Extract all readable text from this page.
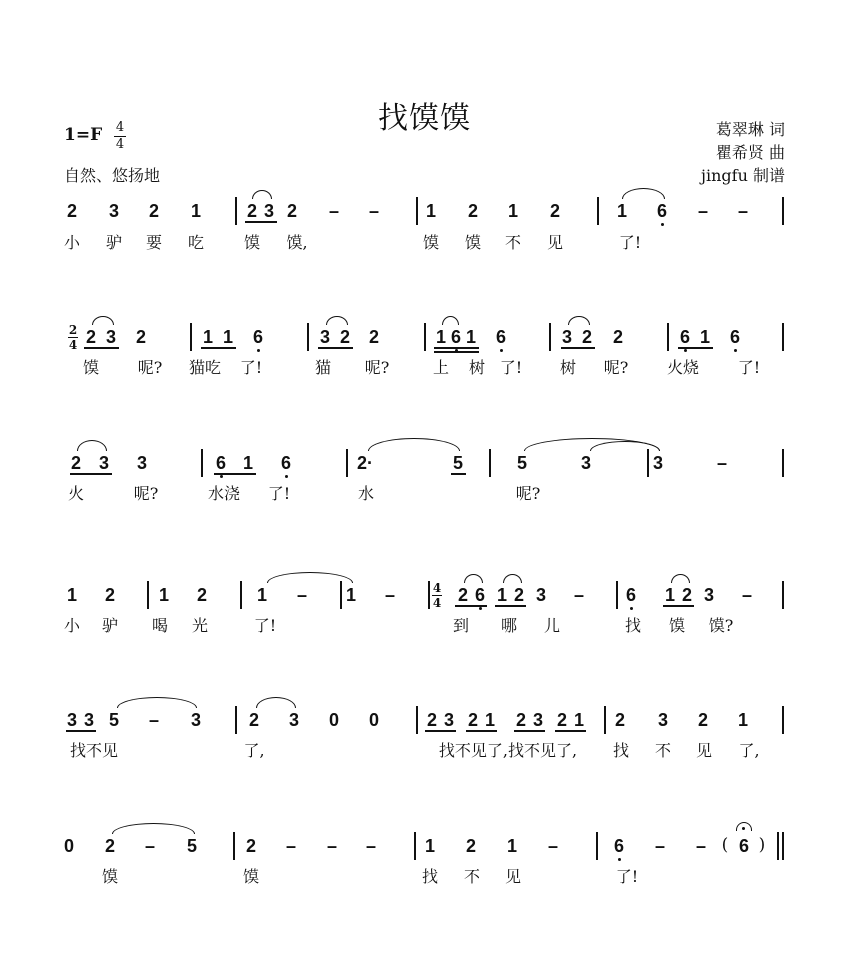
找馍馍
1=F 4
4
自然、悠扬地
葛翠琳 词
瞿希贤 曲
jingfu 制谱
2 3 2 1	2 3 2 – –	1 2 1 2	1 6 – –
小 驴 要 吃 馍 馍,	馍 馍 不 见	了!
2 3 2	1 1 6	3 2 2	1 6 1 6	3 2 2	6 1 6
馍 呢? 猫吃 了!	猫 呢?	上 树 了! 树 呢? 火烧 了!
2
4
2 3 3	6 1 6	2·	5	5	3	3	–
火	呢?	水浇 了!	水	呢?
1 2 1 2	1 – 1 –	2 6 1 2 3 – 6 1 2 3 –
小 驴 喝 光	了!	到 哪 儿	找 馍 馍?
4
4
3 3 5 – 3	2 3 0 0	2 3 2 1 2 3 2 1 2 3 2 1
找不见	了,	找不见了,找不见了, 找 不 见 了,
0 2 – 5	2 – – –	1 2 1 –	6 – – 6
馍	馍	找 不 见	了!
( )
